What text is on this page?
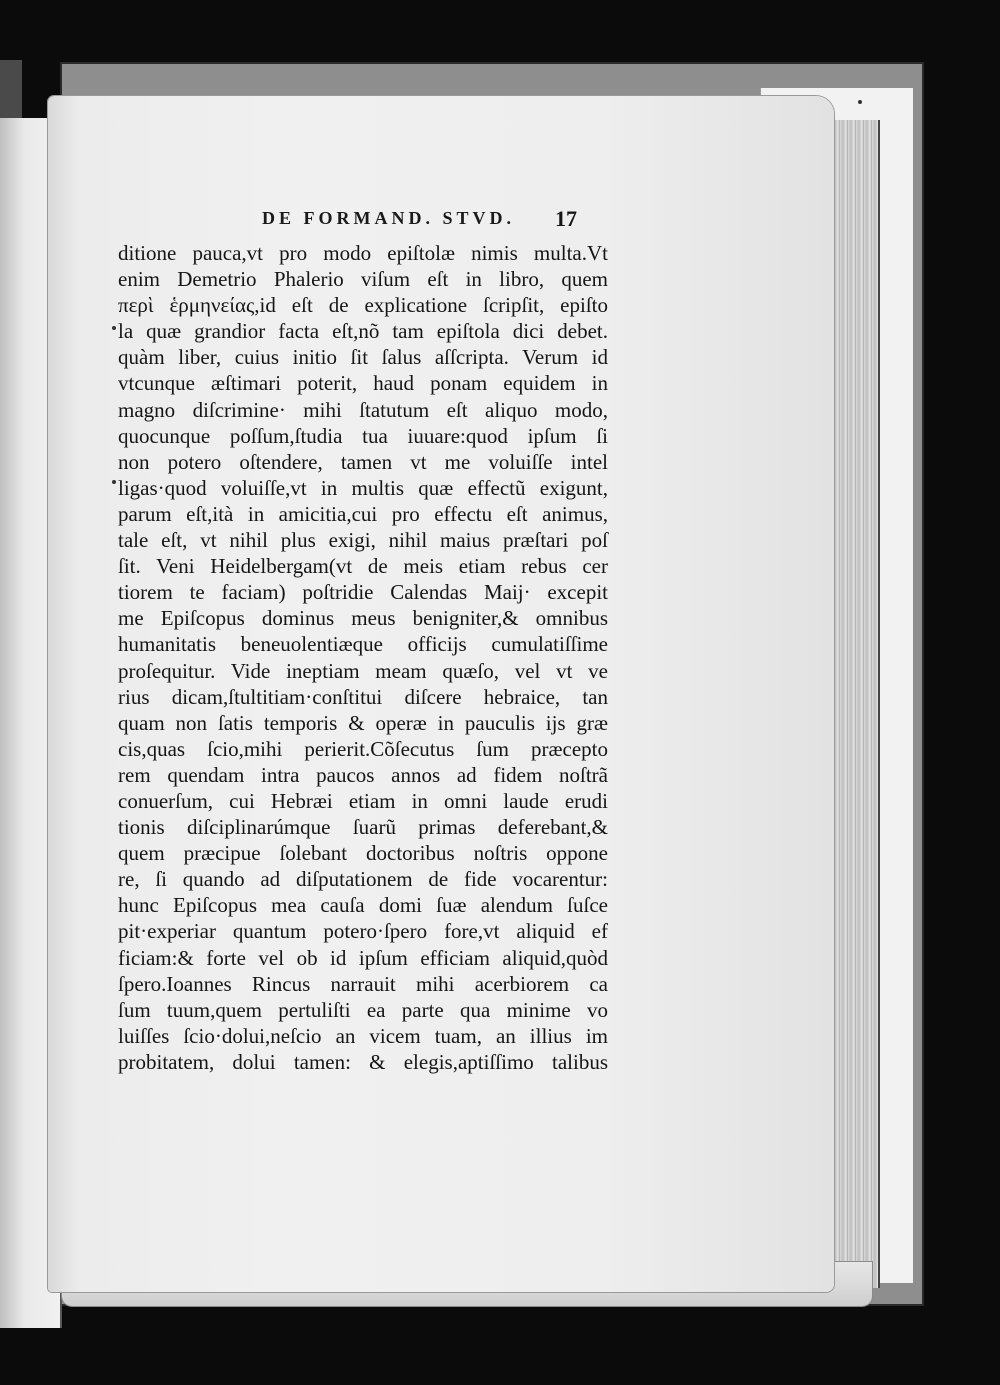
DE FORMAND. STVD.	17
ditione pauca,vt pro modo epiſtolæ nimis multa.Vt
enim Demetrio Phalerio viſum eſt in libro, quem
περὶ ἑρμηνείας,id eſt de explicatione ſcripſit, epiſto
la quæ grandior facta eſt,nõ tam epiſtola dici debet.
quàm liber, cuius initio ſit ſalus aſſcripta. Verum id
vtcunque æſtimari poterit, haud ponam equidem in
magno diſcrimine· mihi ſtatutum eſt aliquo modo,
quocunque poſſum,ſtudia tua iuuare:quod ipſum ſi
non potero oſtendere, tamen vt me voluiſſe intel
ligas·quod voluiſſe,vt in multis quæ effectũ exigunt,
parum eſt,ità in amicitia,cui pro effectu eſt animus,
tale eſt, vt nihil plus exigi, nihil maius præſtari poſ
ſit. Veni Heidelbergam(vt de meis etiam rebus cer
tiorem te faciam) poſtridie Calendas Maij· excepit
me Epiſcopus dominus meus benigniter,& omnibus
humanitatis beneuolentiæque officijs cumulatiſſime
proſequitur. Vide ineptiam meam quæſo, vel vt ve
rius dicam,ſtultitiam·conſtitui diſcere hebraice, tan
quam non ſatis temporis & operæ in pauculis ijs græ
cis,quas ſcio,mihi perierit.Cõſecutus ſum præcepto
rem quendam intra paucos annos ad fidem noſtrã
conuerſum, cui Hebræi etiam in omni laude erudi
tionis diſciplinarúmque ſuarũ primas deferebant,&
quem præcipue ſolebant doctoribus noſtris oppone
re, ſi quando ad diſputationem de fide vocarentur:
hunc Epiſcopus mea cauſa domi ſuæ alendum ſuſce
pit·experiar quantum potero·ſpero fore,vt aliquid ef
ficiam:& forte vel ob id ipſum efficiam aliquid,quòd
ſpero.Ioannes Rincus narrauit mihi acerbiorem ca
ſum tuum,quem pertuliſti ea parte qua minime vo
luiſſes ſcio·dolui,neſcio an vicem tuam, an illius im
probitatem, dolui tamen: & elegis,aptiſſimo talibus
